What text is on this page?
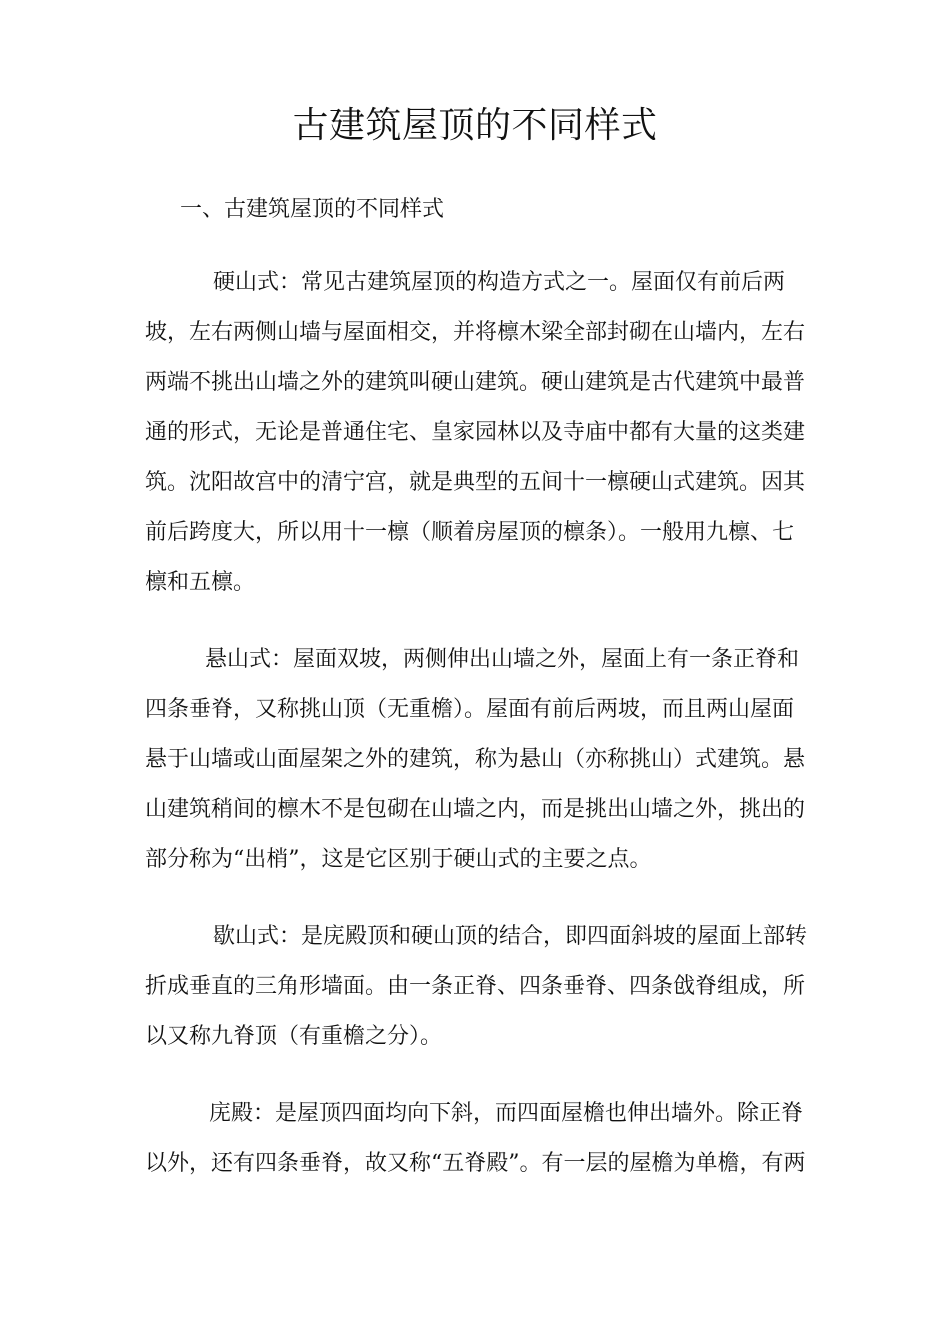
古建筑屋顶的不同样式
一、古建筑屋顶的不同样式

硬山式：常见古建筑屋顶的构造方式之一。屋面仅有前后两
坡，左右两侧山墙与屋面相交，并将檩木梁全部封砌在山墙内，左右
两端不挑出山墙之外的建筑叫硬山建筑。硬山建筑是古代建筑中最普
通的形式，无论是普通住宅、皇家园林以及寺庙中都有大量的这类建
筑。沈阳故宫中的清宁宫，就是典型的五间十一檩硬山式建筑。因其
前后跨度大，所以用十一檩（顺着房屋顶的檩条）。一般用九檩、七
檩和五檩。

悬山式：屋面双坡，两侧伸出山墙之外，屋面上有一条正脊和
四条垂脊，又称挑山顶（无重檐）。屋面有前后两坡，而且两山屋面
悬于山墙或山面屋架之外的建筑，称为悬山（亦称挑山）式建筑。悬
山建筑稍间的檩木不是包砌在山墙之内，而是挑出山墙之外，挑出的
部分称为“出梢”，这是它区别于硬山式的主要之点。

歇山式：是庑殿顶和硬山顶的结合，即四面斜坡的屋面上部转
折成垂直的三角形墙面。由一条正脊、四条垂脊、四条戗脊组成，所
以又称九脊顶（有重檐之分）。

庑殿：是屋顶四面均向下斜，而四面屋檐也伸出墙外。除正脊
以外，还有四条垂脊，故又称“五脊殿”。有一层的屋檐为单檐，有两
